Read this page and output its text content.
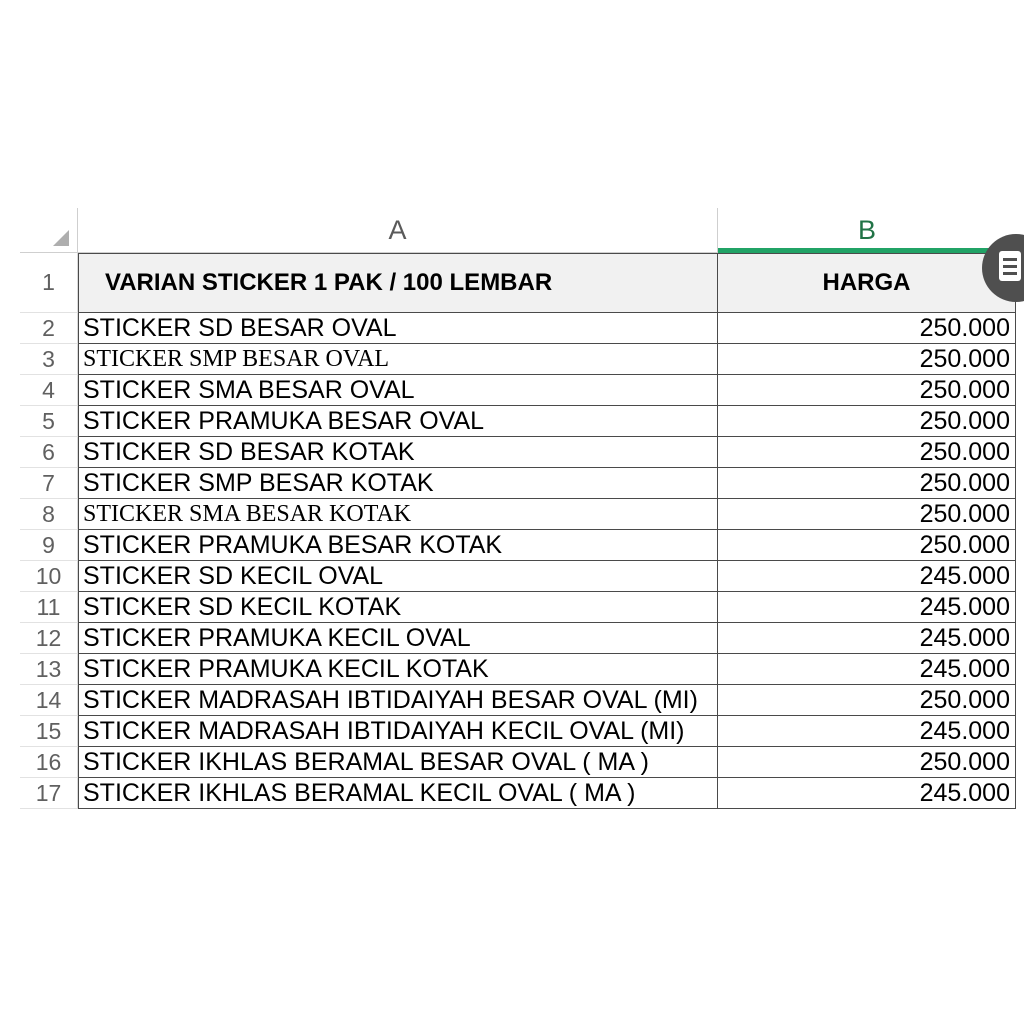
A	B
1	VARIAN STICKER 1 PAK / 100 LEMBAR	HARGA
2	STICKER SD BESAR OVAL	250.000
3	STICKER SMP BESAR OVAL	250.000
4	STICKER SMA BESAR OVAL	250.000
5	STICKER PRAMUKA BESAR OVAL	250.000
6	STICKER SD BESAR KOTAK	250.000
7	STICKER SMP BESAR KOTAK	250.000
8	STICKER SMA BESAR KOTAK	250.000
9	STICKER PRAMUKA BESAR KOTAK	250.000
10 STICKER SD KECIL OVAL	245.000
11 STICKER SD KECIL KOTAK	245.000
12 STICKER PRAMUKA KECIL OVAL	245.000
13 STICKER PRAMUKA KECIL KOTAK	245.000
14 STICKER MADRASAH IBTIDAIYAH BESAR OVAL (MI)	250.000
15 STICKER MADRASAH IBTIDAIYAH KECIL OVAL (MI)	245.000
16 STICKER IKHLAS BERAMAL BESAR OVAL ( MA )	250.000
17 STICKER IKHLAS BERAMAL KECIL OVAL ( MA )	245.000
